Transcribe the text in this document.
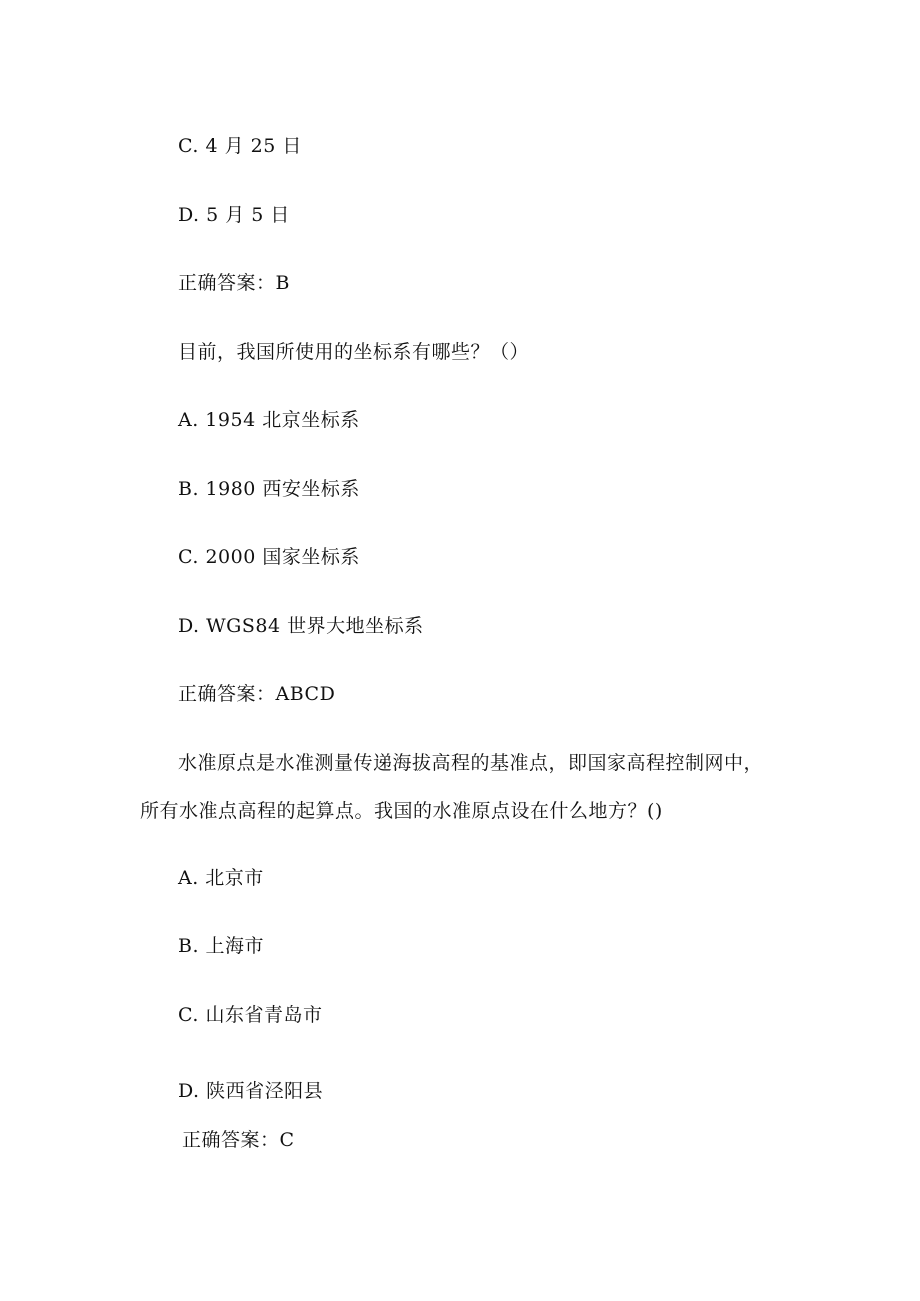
C. 4 月 25 日
D. 5 月 5 日
正确答案：B
目前，我国所使用的坐标系有哪些？（）
A. 1954 北京坐标系
B. 1980 西安坐标系
C. 2000 国家坐标系
D. WGS84 世界大地坐标系
正确答案：ABCD
水准原点是水准测量传递海拔高程的基准点，即国家高程控制网中，
所有水准点高程的起算点。我国的水准原点设在什么地方？()
A. 北京市
B. 上海市
C. 山东省青岛市
D. 陕西省泾阳县
正确答案：C
